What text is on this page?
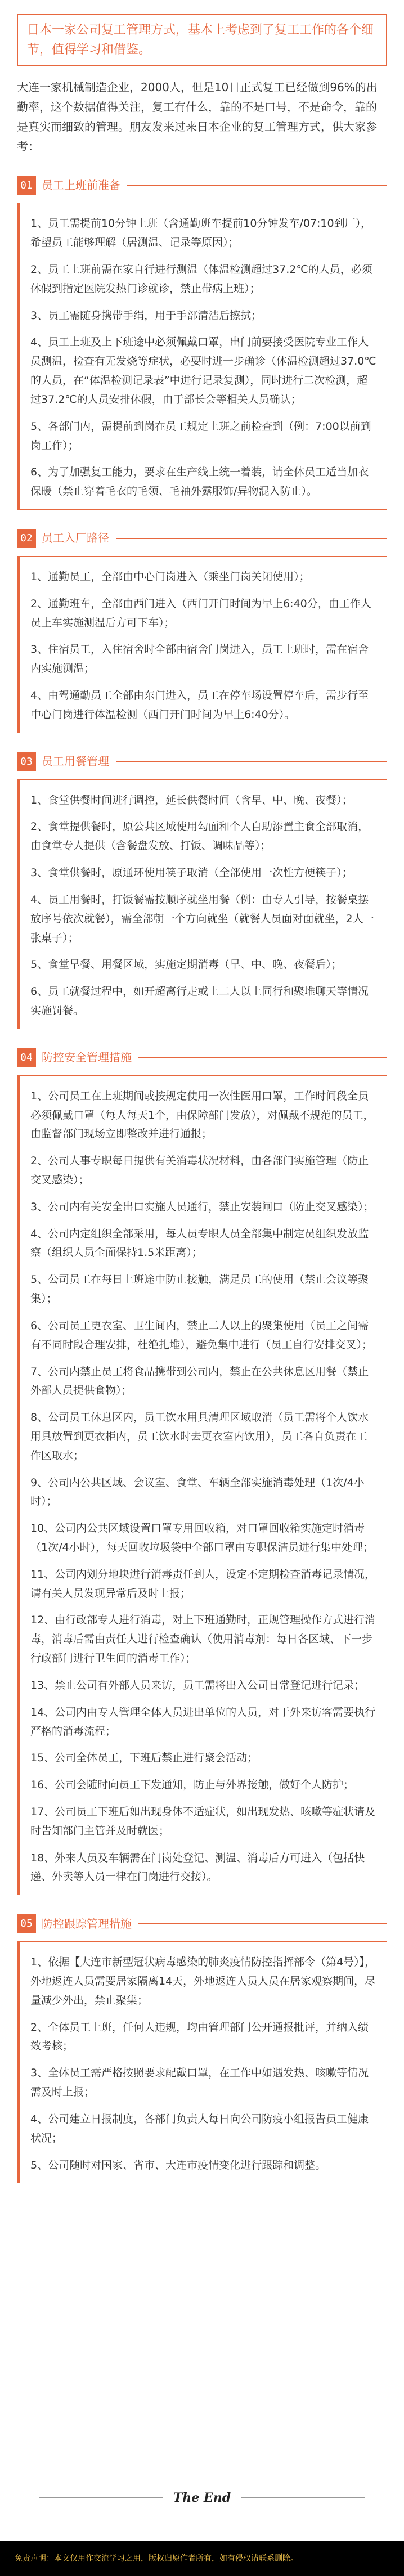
日本一家公司复工管理方式，基本上考虑到了复工工作的各个细节，值得学习和借鉴。
大连一家机械制造企业，2000人，但是10日正式复工已经做到96%的出勤率，这个数据值得关注，复工有什么，靠的不是口号，不是命令，靠的是真实而细致的管理。朋友发来过来日本企业的复工管理方式，供大家参考：
01 员工上班前准备

1、员工需提前10分钟上班（含通勤班车提前10分钟发车/07:10到厂），希望员工能够理解（居测温、记录等原因）；

2、员工上班前需在家自行进行测温（体温检测超过37.2℃的人员，必须休假到指定医院发热门诊就诊，禁止带病上班）；

3、员工需随身携带手绢，用于手部清洁后擦拭；

4、员工上班及上下班途中必须佩戴口罩，出门前要接受医院专业工作人员测温，检查有无发烧等症状，必要时进一步确诊（体温检测超过37.0℃的人员，在“体温检测记录表”中进行记录复测），同时进行二次检测，超过37.2℃的人员安排休假，由于部长会等相关人员确认；

5、各部门内，需提前到岗在员工规定上班之前检查到（例：7:00以前到岗工作）；

6、为了加强复工能力，要求在生产线上统一着装，请全体员工适当加衣保暖（禁止穿着毛衣的毛领、毛袖外露服饰/异物混入防止）。

02 员工入厂路径

1、通勤员工，全部由中心门岗进入（乘坐门岗关闭使用）；

2、通勤班车，全部由西门进入（西门开门时间为早上6:40分，由工作人员上车实施测温后方可下车）；

3、住宿员工，入住宿舍时全部由宿舍门岗进入，员工上班时，需在宿舍内实施测温；

4、由驾通勤员工全部由东门进入，员工在停车场设置停车后，需步行至中心门岗进行体温检测（西门开门时间为早上6:40分）。

03 员工用餐管理

1、食堂供餐时间进行调控，延长供餐时间（含早、中、晚、夜餐）；

2、食堂提供餐时，原公共区域使用勾面和个人自助添置主食全部取消，由食堂专人提供（含餐盘发放、打饭、调味品等）；

3、食堂供餐时，原通环使用筷子取消（全部使用一次性方便筷子）；

4、员工用餐时，打饭餐需按顺序就坐用餐（例：由专人引导，按餐桌摆放序号依次就餐），需全部朝一个方向就坐（就餐人员面对面就坐，2人一张桌子）；

5、食堂早餐、用餐区域，实施定期消毒（早、中、晚、夜餐后）；

6、员工就餐过程中，如开超离行走或上二人以上同行和聚堆聊天等情况实施罚餐。

04 防控安全管理措施

1、公司员工在上班期间或按规定使用一次性医用口罩，工作时间段全员必须佩戴口罩（每人每天1个，由保障部门发放），对佩戴不规范的员工，由监督部门现场立即整改并进行通报；

2、公司人事专职每日提供有关消毒状况材料，由各部门实施管理（防止交叉感染）；

3、公司内有关安全出口实施人员通行，禁止安装闸口（防止交叉感染）；

4、公司内定组织全部采用，每人员专职人员全部集中制定员组织发放监察（组织人员全面保持1.5米距离）；

5、公司员工在每日上班途中防止接触，满足员工的使用（禁止会议等聚集）；

6、公司员工更衣室、卫生间内，禁止二人以上的聚集使用（员工之间需有不同时段合理安排，杜绝扎堆），避免集中进行（员工自行安排交叉）；

7、公司内禁止员工将食品携带到公司内，禁止在公共休息区用餐（禁止外部人员提供食物）；

8、公司员工休息区内，员工饮水用具清理区域取消（员工需将个人饮水用具放置到更衣柜内，员工饮水时去更衣室内饮用），员工各自负责在工作区取水；

9、公司内公共区域、会议室、食堂、车辆全部实施消毒处理（1次/4小时）；

10、公司内公共区域设置口罩专用回收箱，对口罩回收箱实施定时消毒（1次/4小时），每天回收垃圾袋中全部口罩由专职保洁员进行集中处理；

11、公司内划分地块进行消毒责任到人，设定不定期检查消毒记录情况，请有关人员发现异常后及时上报；

12、由行政部专人进行消毒，对上下班通勤时，正规管理操作方式进行消毒，消毒后需由责任人进行检查确认（使用消毒剂：每日各区域、下一步行政部门进行卫生间的消毒工作）；

13、禁止公司有外部人员来访，员工需将出入公司日常登记进行记录；

14、公司内由专人管理全体人员进出单位的人员，对于外来访客需要执行严格的消毒流程；

15、公司全体员工，下班后禁止进行聚会活动；

16、公司会随时向员工下发通知，防止与外界接触，做好个人防护；

17、公司员工下班后如出现身体不适症状，如出现发热、咳嗽等症状请及时告知部门主管并及时就医；

18、外来人员及车辆需在门岗处登记、测温、消毒后方可进入（包括快递、外卖等人员一律在门岗进行交接）。

05 防控跟踪管理措施

1、依据【大连市新型冠状病毒感染的肺炎疫情防控指挥部令（第4号）】，外地返连人员需要居家隔离14天，外地返连人员人员在居家观察期间，尽量减少外出，禁止聚集；

2、全体员工上班，任何人违规，均由管理部门公开通报批评，并纳入绩效考核；

3、全体员工需严格按照要求配戴口罩，在工作中如遇发热、咳嗽等情况需及时上报；

4、公司建立日报制度，各部门负责人每日向公司防疫小组报告员工健康状况；

5、公司随时对国家、省市、大连市疫情变化进行跟踪和调整。

The End
免责声明：本文仅用作交流学习之用，版权归原作者所有，如有侵权请联系删除。
